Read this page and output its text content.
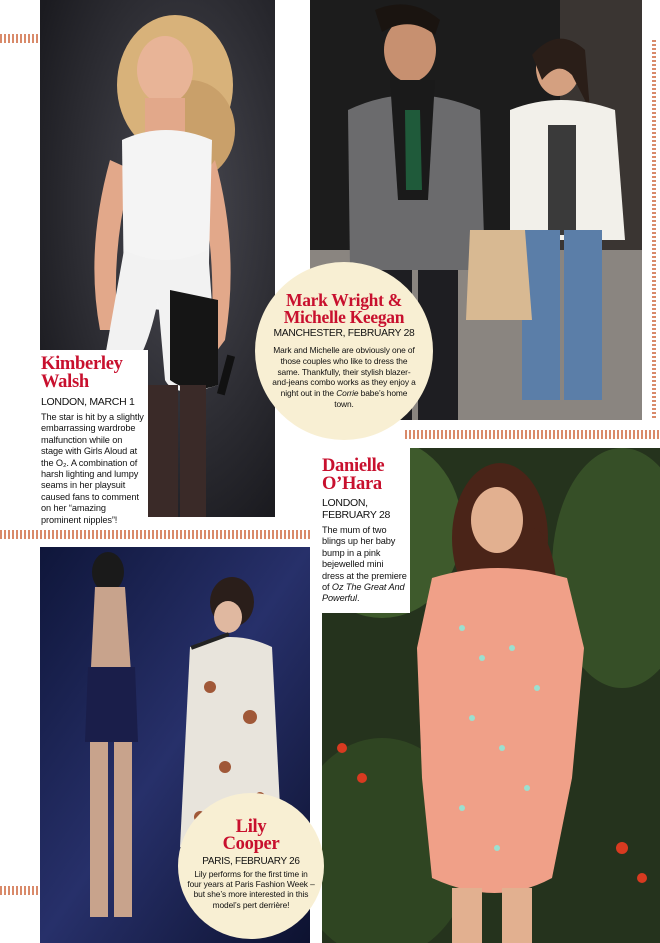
Kimberley
Walsh
LONDON, MARCH 1
The star is hit by a slightly embarrassing wardrobe malfunction while on stage with Girls Aloud at the O₂. A combination of harsh lighting and lumpy seams in her playsuit caused fans to comment on her “amazing prominent nipples”!
Mark Wright &
Michelle Keegan
MANCHESTER, FEBRUARY 28
Mark and Michelle are obviously one of those couples who like to dress the same. Thankfully, their stylish blazer-and-jeans combo works as they enjoy a night out in the Corrie babe’s home town.
Danielle
O’Hara
LONDON,
FEBRUARY 28
The mum of two blings up her baby bump in a pink bejewelled mini dress at the premiere of Oz The Great And Powerful.
Lily
Cooper
PARIS, FEBRUARY 26
Lily performs for the first time in four years at Paris Fashion Week – but she’s more interested in this model’s pert derrière!
